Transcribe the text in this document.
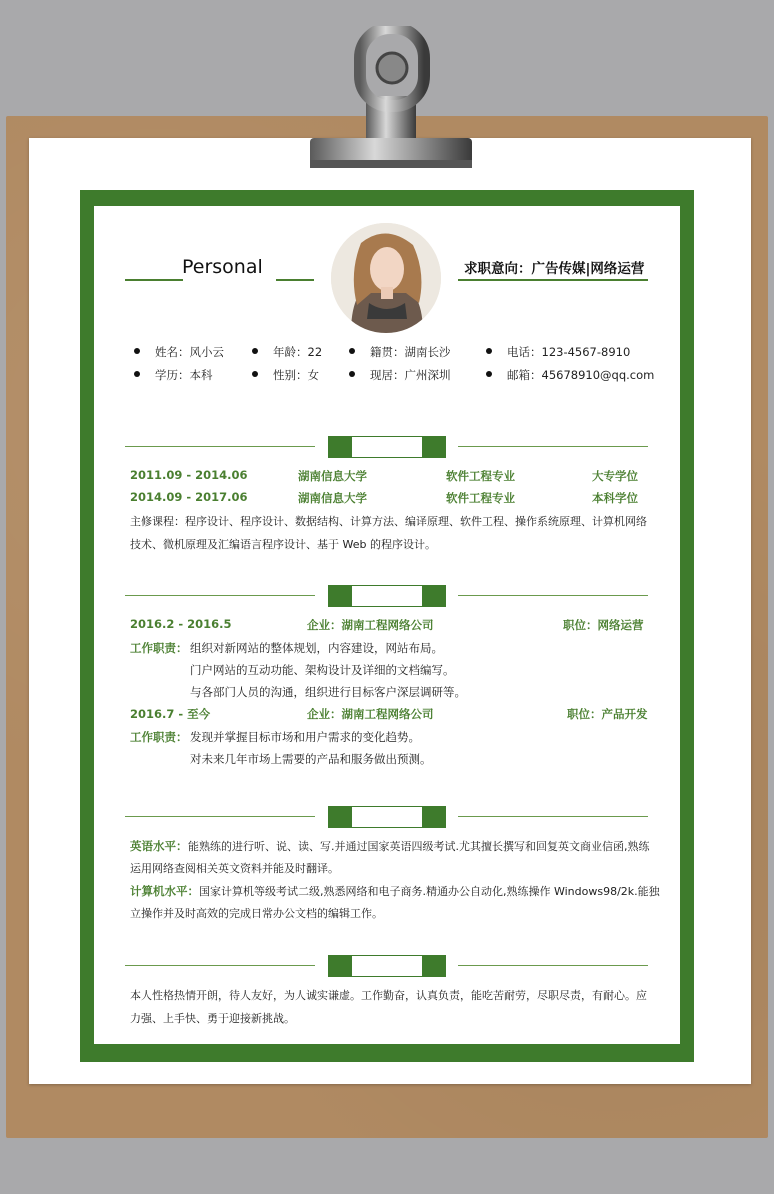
Personal	求职意向：广告传媒|网络运营
姓名：风小云	年龄：22	籍贯：湖南长沙	电话：123-4567-8910
学历：本科	性别：女	现居：广州深圳	邮箱：45678910@qq.com
2011.09 - 2014.06	湖南信息大学	软件工程专业	大专学位
2014.09 - 2017.06	湖南信息大学	软件工程专业	本科学位
主修课程：程序设计、程序设计、数据结构、计算方法、编译原理、软件工程、操作系统原理、计算机网络
技术、微机原理及汇编语言程序设计、基于 Web 的程序设计。
2016.2 - 2016.5	企业：湖南工程网络公司	职位：网络运营
工作职责： 组织对新网站的整体规划，内容建设，网站布局。
门户网站的互动功能、架构设计及详细的文档编写。
与各部门人员的沟通，组织进行目标客户深层调研等。
2016.7 - 至今	企业：湖南工程网络公司	职位：产品开发
工作职责： 发现并掌握目标市场和用户需求的变化趋势。
对未来几年市场上需要的产品和服务做出预测。
英语水平： 能熟练的进行听、说、读、写.并通过国家英语四级考试.尤其擅长撰写和回复英文商业信函,熟练
运用网络查阅相关英文资料并能及时翻译。
计算机水平： 国家计算机等级考试二级,熟悉网络和电子商务.精通办公自动化,熟练操作 Windows98/2k.能独
立操作并及时高效的完成日常办公文档的编辑工作。
本人性格热情开朗，待人友好，为人诚实谦虚。工作勤奋，认真负责，能吃苦耐劳，尽职尽责，有耐心。应
力强、上手快、勇于迎接新挑战。
